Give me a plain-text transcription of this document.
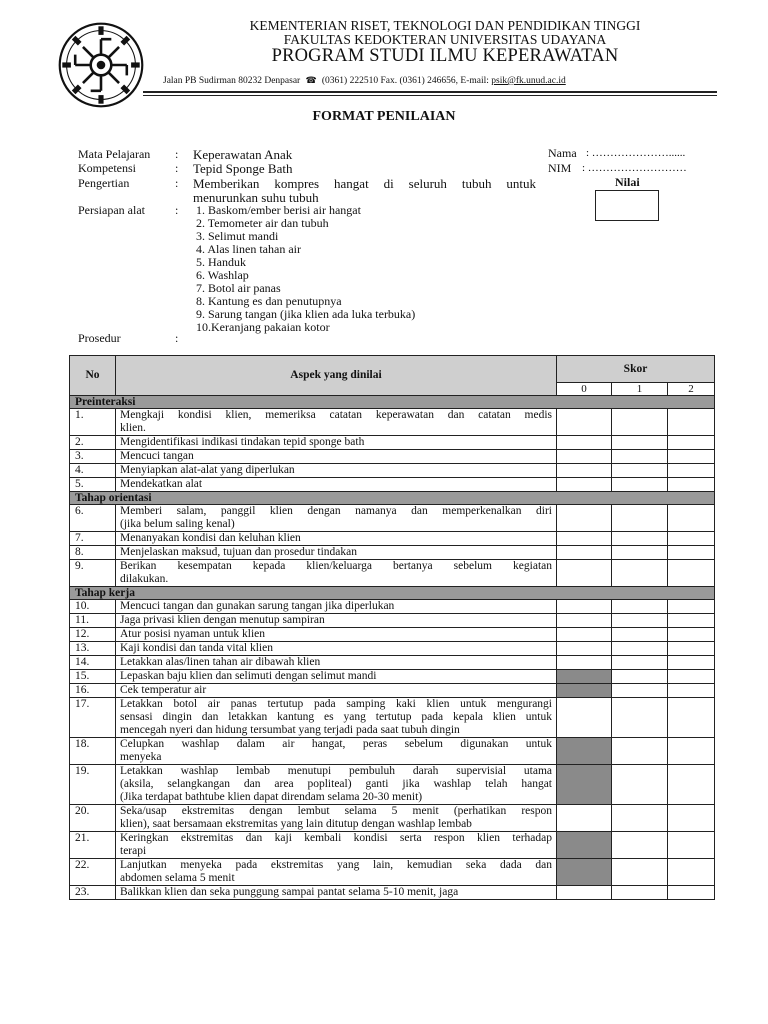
KEMENTERIAN RISET, TEKNOLOGI DAN PENDIDIKAN TINGGI
FAKULTAS KEDOKTERAN UNIVERSITAS UDAYANA
PROGRAM STUDI ILMU KEPERAWATAN
Jalan PB Sudirman 80232 Denpasar  ☎  (0361) 222510 Fax. (0361) 246656, E-mail: psik@fk.unud.ac.id
FORMAT PENILAIAN
Mata Pelajaran : Keperawatan Anak
Kompetensi	: Tepid Sponge Bath
Pengertian	: Memberikan kompres hangat di seluruh tubuh untuk
menurunkan suhu tubuh
Persiapan alat	: 1. Baskom/ember berisi air hangat
2. Temometer air dan tubuh
3. Selimut mandi
4. Alas linen tahan air
5. Handuk
6. Washlap
7. Botol air panas
8. Kantung es dan penutupnya
9. Sarung tangan (jika klien ada luka terbuka)
10.Keranjang pakaian kotor
Prosedur	:
Nama : …………………......
NIM : ………………………
Nilai
No	Aspek yang dinilai	Skor		
		0	1	2
Preinteraksi				
1.	Mengkaji kondisi klien, memeriksa catatan keperawatan dan catatan medis
klien.			

2.	Mengidentifikasi indikasi tindakan tepid sponge bath			

3.	Mencuci tangan			

4.	Menyiapkan alat-alat yang diperlukan			

5.	Mendekatkan alat			

Tahap orientasi				
6.	Memberi salam, panggil klien dengan namanya dan memperkenalkan diri
(jika belum saling kenal)			

7.	Menanyakan kondisi dan keluhan klien			

8.	Menjelaskan maksud, tujuan dan prosedur tindakan			

9.	Berikan kesempatan kepada klien/keluarga bertanya sebelum kegiatan
dilakukan.			

Tahap kerja				
10.	Mencuci tangan dan gunakan sarung tangan jika diperlukan			

11.	Jaga privasi klien dengan menutup sampiran			

12.	Atur posisi nyaman untuk klien			

13.	Kaji kondisi dan tanda vital klien			

14.	Letakkan alas/linen tahan air dibawah klien			

15.	Lepaskan baju klien dan selimuti dengan selimut mandi			

16.	Cek temperatur air			

17.	Letakkan botol air panas tertutup pada samping kaki klien untuk mengurangi
sensasi dingin dan letakkan kantung es yang tertutup pada kepala klien untuk
mencegah nyeri dan hidung tersumbat yang terjadi pada saat tubuh dingin			

18.	Celupkan washlap dalam air hangat, peras sebelum digunakan untuk
menyeka			

19.	Letakkan washlap lembab menutupi pembuluh darah supervisial utama
(aksila, selangkangan dan area popliteal) ganti jika washlap telah hangat
(Jika terdapat bathtube klien dapat direndam selama 20-30 menit)			

20.	Seka/usap ekstremitas dengan lembut selama 5 menit (perhatikan respon
klien), saat bersamaan ekstremitas yang lain ditutup dengan washlap lembab			

21.	Keringkan ekstremitas dan kaji kembali kondisi serta respon klien terhadap
terapi			

22.	Lanjutkan menyeka pada ekstremitas yang lain, kemudian seka dada dan
abdomen selama 5 menit			

23.	Balikkan klien dan seka punggung sampai pantat selama 5-10 menit, jaga			
